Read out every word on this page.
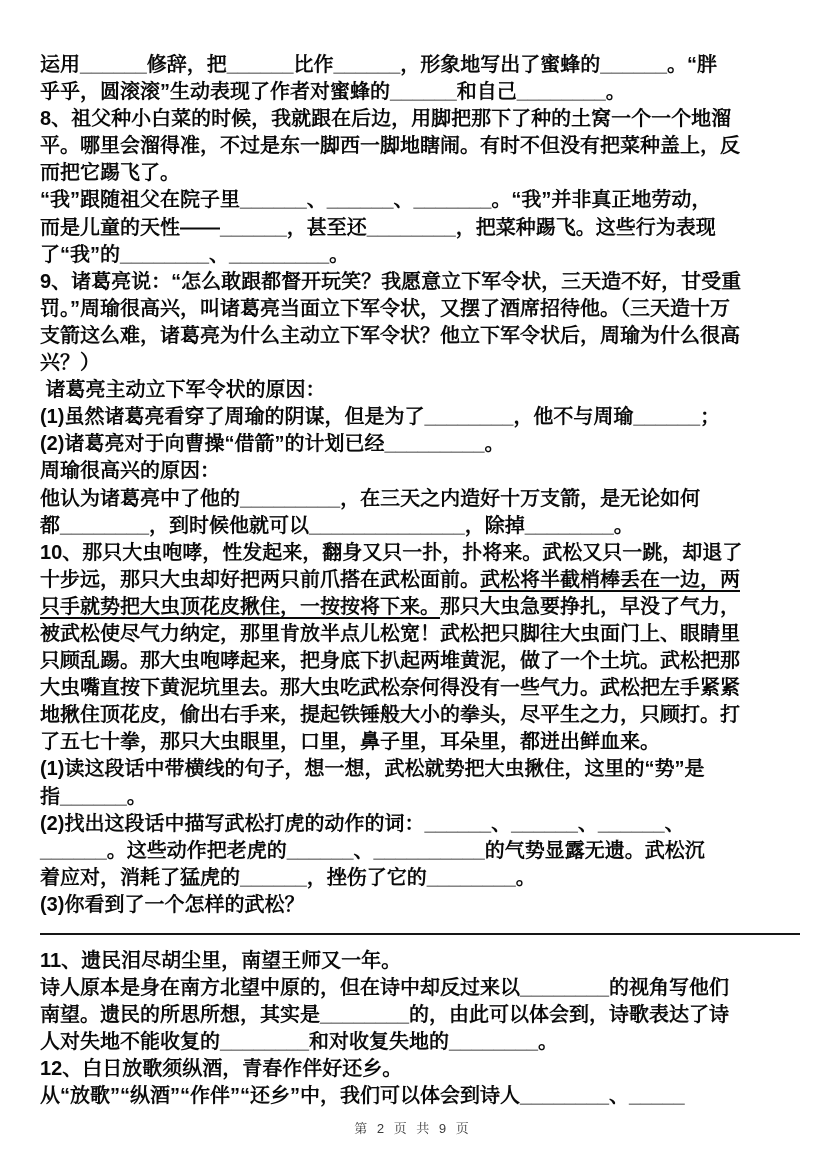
运用______修辞，把______比作______，形象地写出了蜜蜂的______。“胖
乎乎，圆滚滚”生动表现了作者对蜜蜂的______和自己________。
8、祖父种小白菜的时候，我就跟在后边，用脚把那下了种的土窝一个一个地溜
平。哪里会溜得准，不过是东一脚西一脚地瞎闹。有时不但没有把菜种盖上，反
而把它踢飞了。
“我”跟随祖父在院子里______、______、_______。“我”并非真正地劳动，
而是儿童的天性——______，甚至还________，把菜种踢飞。这些行为表现
了“我”的________、_________。
9、诸葛亮说：“怎么敢跟都督开玩笑？我愿意立下军令状，三天造不好，甘受重
罚。”周瑜很高兴，叫诸葛亮当面立下军令状，又摆了酒席招待他。（三天造十万
支箭这么难，诸葛亮为什么主动立下军令状？他立下军令状后，周瑜为什么很高
兴？）
诸葛亮主动立下军令状的原因：
(1)虽然诸葛亮看穿了周瑜的阴谋，但是为了________，他不与周瑜______；
(2)诸葛亮对于向曹操“借箭”的计划已经_________。
周瑜很高兴的原因：
他认为诸葛亮中了他的_________，在三天之内造好十万支箭，是无论如何
都________，到时候他就可以______________，除掉________。
10、那只大虫咆哮，性发起来，翻身又只一扑，扑将来。武松又只一跳，却退了
十步远，那只大虫却好把两只前爪搭在武松面前。武松将半截梢棒丢在一边，两
只手就势把大虫顶花皮揪住，一按按将下来。那只大虫急要挣扎，早没了气力，
被武松使尽气力纳定，那里肯放半点儿松宽！武松把只脚往大虫面门上、眼睛里
只顾乱踢。那大虫咆哮起来，把身底下扒起两堆黄泥，做了一个土坑。武松把那
大虫嘴直按下黄泥坑里去。那大虫吃武松奈何得没有一些气力。武松把左手紧紧
地揪住顶花皮，偷出右手来，提起铁锤般大小的拳头，尽平生之力，只顾打。打
了五七十拳，那只大虫眼里，口里，鼻子里，耳朵里，都迸出鲜血来。
(1)读这段话中带横线的句子，想一想，武松就势把大虫揪住，这里的“势”是
指______。
(2)找出这段话中描写武松打虎的动作的词：______、______、______、
______。这些动作把老虎的______、__________的气势显露无遗。武松沉
着应对，消耗了猛虎的______，挫伤了它的________。
(3)你看到了一个怎样的武松？
11、遗民泪尽胡尘里，南望王师又一年。
诗人原本是身在南方北望中原的，但在诗中却反过来以________的视角写他们
南望。遗民的所思所想，其实是________的，由此可以体会到，诗歌表达了诗
人对失地不能收复的________和对收复失地的________。
12、白日放歌须纵酒，青春作伴好还乡。
从“放歌”“纵酒”“作伴”“还乡”中，我们可以体会到诗人________、_____
第 2 页 共 9 页
